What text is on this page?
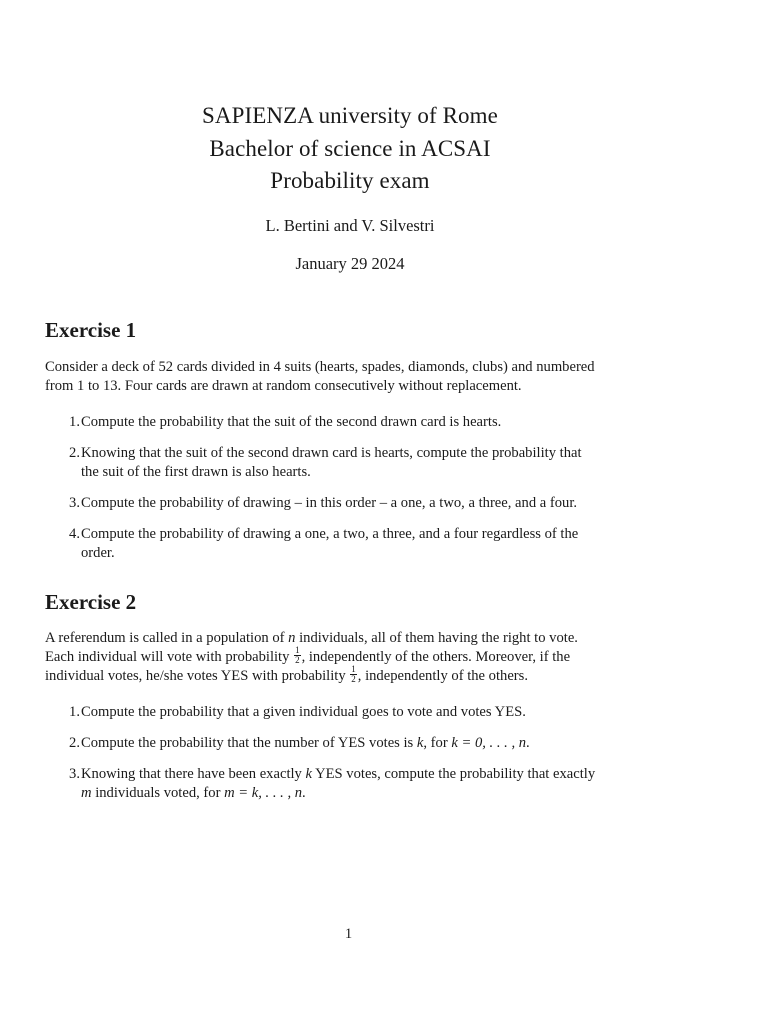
SAPIENZA university of Rome
Bachelor of science in ACSAI
Probability exam
L. Bertini and V. Silvestri
January 29 2024
Exercise 1
Consider a deck of 52 cards divided in 4 suits (hearts, spades, diamonds, clubs) and numbered
from 1 to 13. Four cards are drawn at random consecutively without replacement.
1. Compute the probability that the suit of the second drawn card is hearts.
2. Knowing that the suit of the second drawn card is hearts, compute the probability that
the suit of the first drawn is also hearts.
3. Compute the probability of drawing – in this order – a one, a two, a three, and a four.
4. Compute the probability of drawing a one, a two, a three, and a four regardless of the
order.
Exercise 2
A referendum is called in a population of n individuals, all of them having the right to vote.
Each individual will vote with probability $\frac{1}{2}$ , independently of the others. Moreover, if the
individual votes, he/she votes YES with probability $\frac{1}{2}$ , independently of the others.
1. Compute the probability that a given individual goes to vote and votes YES.
2. Compute the probability that the number of YES votes is k, for k = 0, . . . , n.
3. Knowing that there have been exactly k YES votes, compute the probability that exactly
m individuals voted, for m = k, . . . , n.
1
